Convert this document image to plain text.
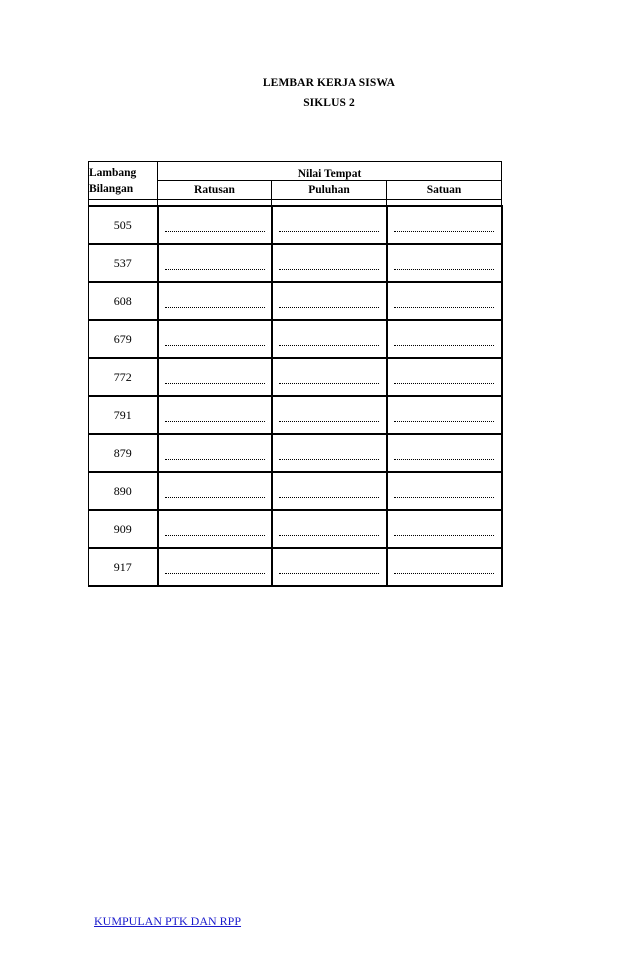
LEMBAR KERJA SISWA
SIKLUS 2
Lambang
Bilangan	Nilai Tempat		
	Ratusan	Puluhan	Satuan

505			
537			
608			
679			
772			
791			
879			
890			
909			
917			
KUMPULAN PTK DAN RPP
